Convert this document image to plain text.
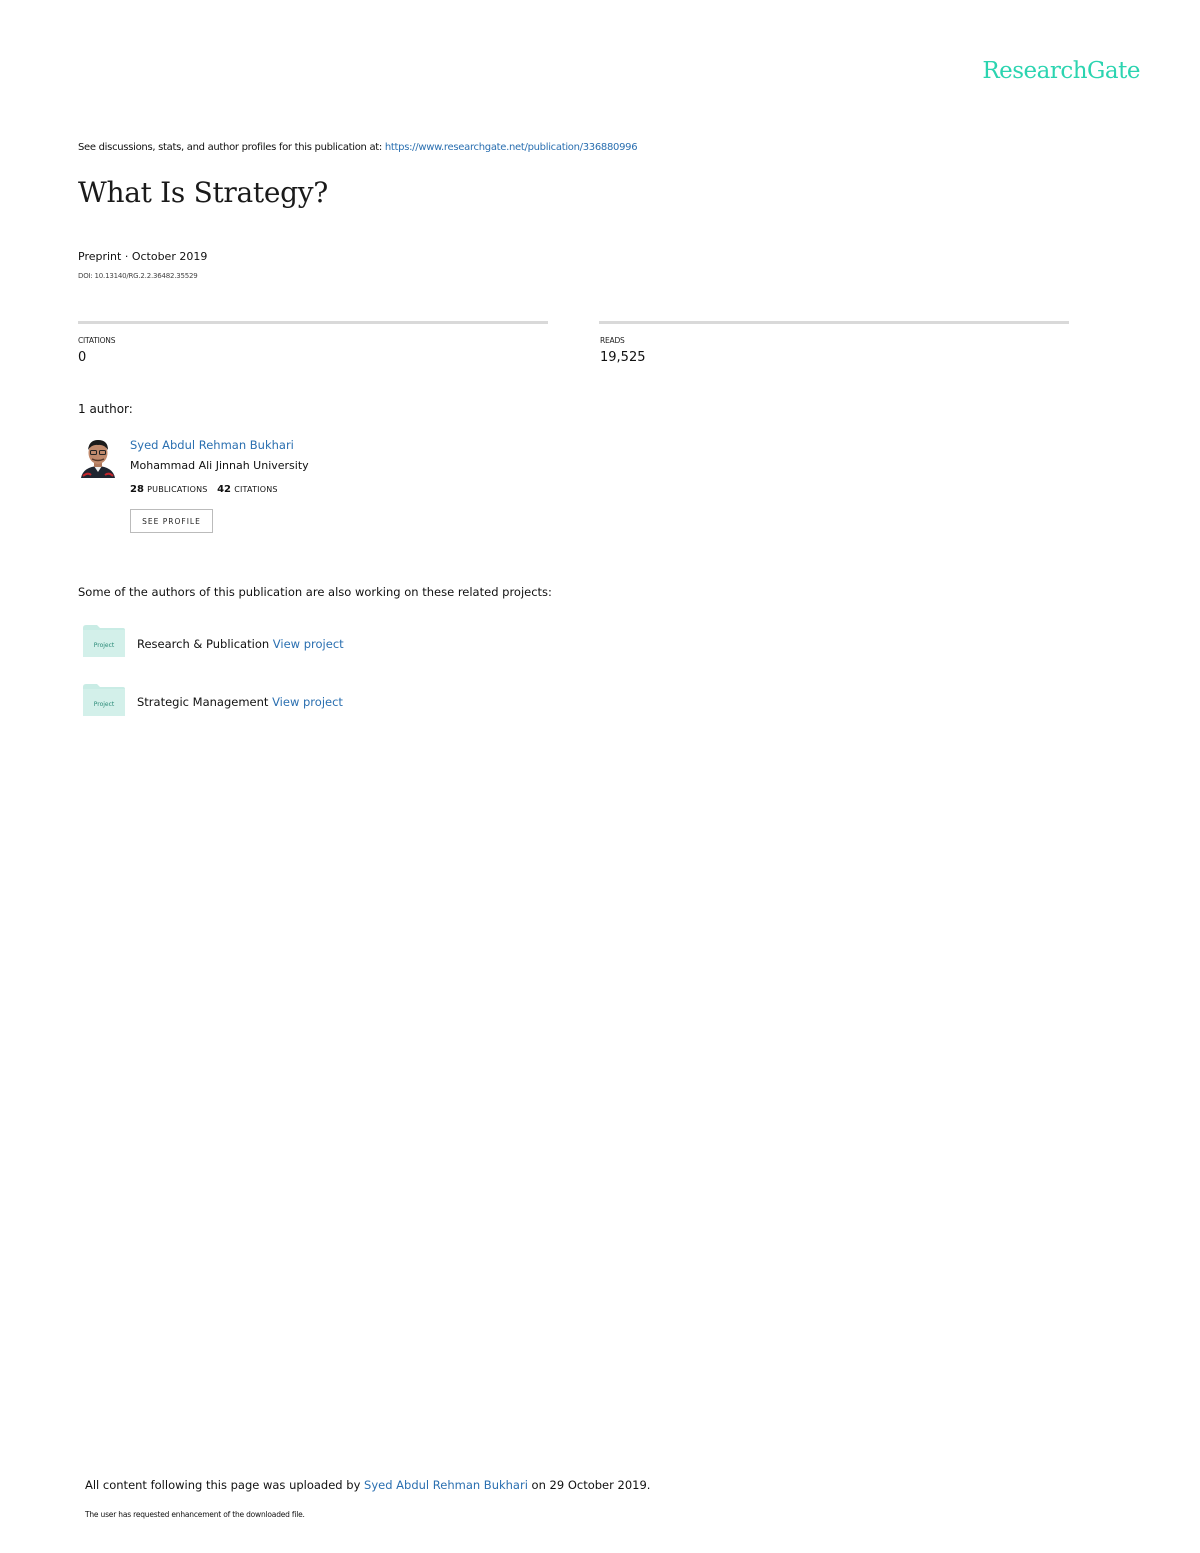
ResearchGate
See discussions, stats, and author profiles for this publication at: https://www.researchgate.net/publication/336880996
What Is Strategy?
Preprint · October 2019
DOI: 10.13140/RG.2.2.36482.35529
CITATIONS
0
READS
19,525
1 author:
Syed Abdul Rehman Bukhari
Mohammad Ali Jinnah University
28 PUBLICATIONS 42 CITATIONS
SEE PROFILE
Some of the authors of this publication are also working on these related projects:
Project Research & Publication View project
Project Strategic Management View project
All content following this page was uploaded by Syed Abdul Rehman Bukhari on 29 October 2019.
The user has requested enhancement of the downloaded file.
